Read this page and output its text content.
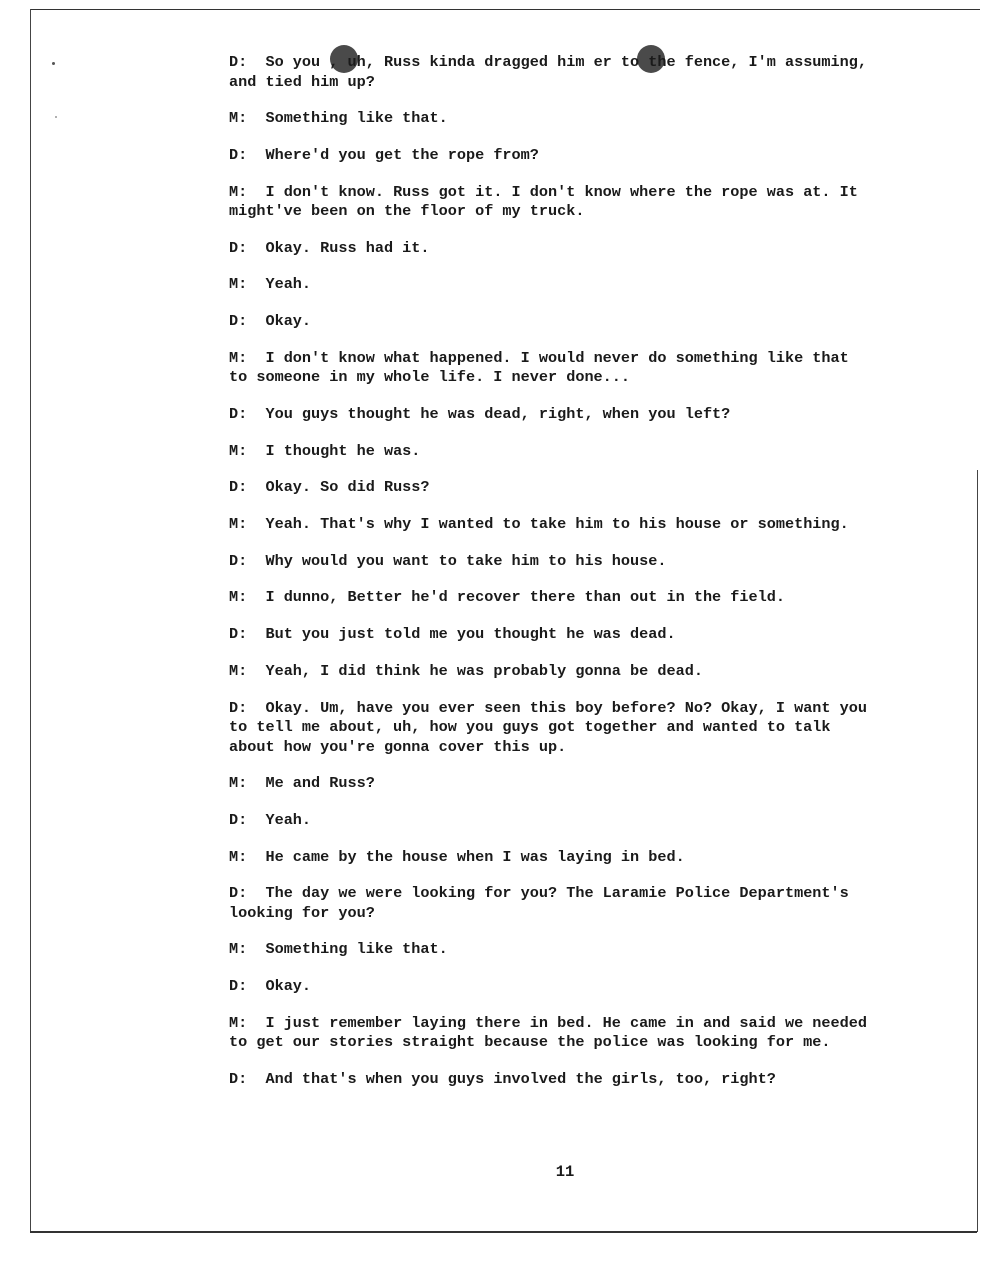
D : So you , uh, Russ kinda dragged him er to the fence, I'm assuming, and tied him up?
M : Something like that.
D : Where'd you get the rope from?
M : I don't know. Russ got it. I don't know where the rope was at. It might've been on the floor of my truck.
D : Okay. Russ had it.
M : Yeah.
D : Okay.
M : I don't know what happened. I would never do something like that to someone in my whole life. I never done...
D : You guys thought he was dead, right, when you left?
M : I thought he was.
D : Okay. So did Russ?
M : Yeah. That's why I wanted to take him to his house or something.
D : Why would you want to take him to his house.
M : I dunno, Better he'd recover there than out in the field.
D : But you just told me you thought he was dead.
M : Yeah, I did think he was probably gonna be dead.
D : Okay. Um, have you ever seen this boy before? No? Okay, I want you to tell me about, uh, how you guys got together and wanted to talk about how you're gonna cover this up.
M : Me and Russ?
D : Yeah.
M : He came by the house when I was laying in bed.
D : The day we were looking for you? The Laramie Police Department's looking for you?
M : Something like that.
D : Okay.
M : I just remember laying there in bed. He came in and said we needed to get our stories straight because the police was looking for me.
D : And that's when you guys involved the girls, too, right?
11
